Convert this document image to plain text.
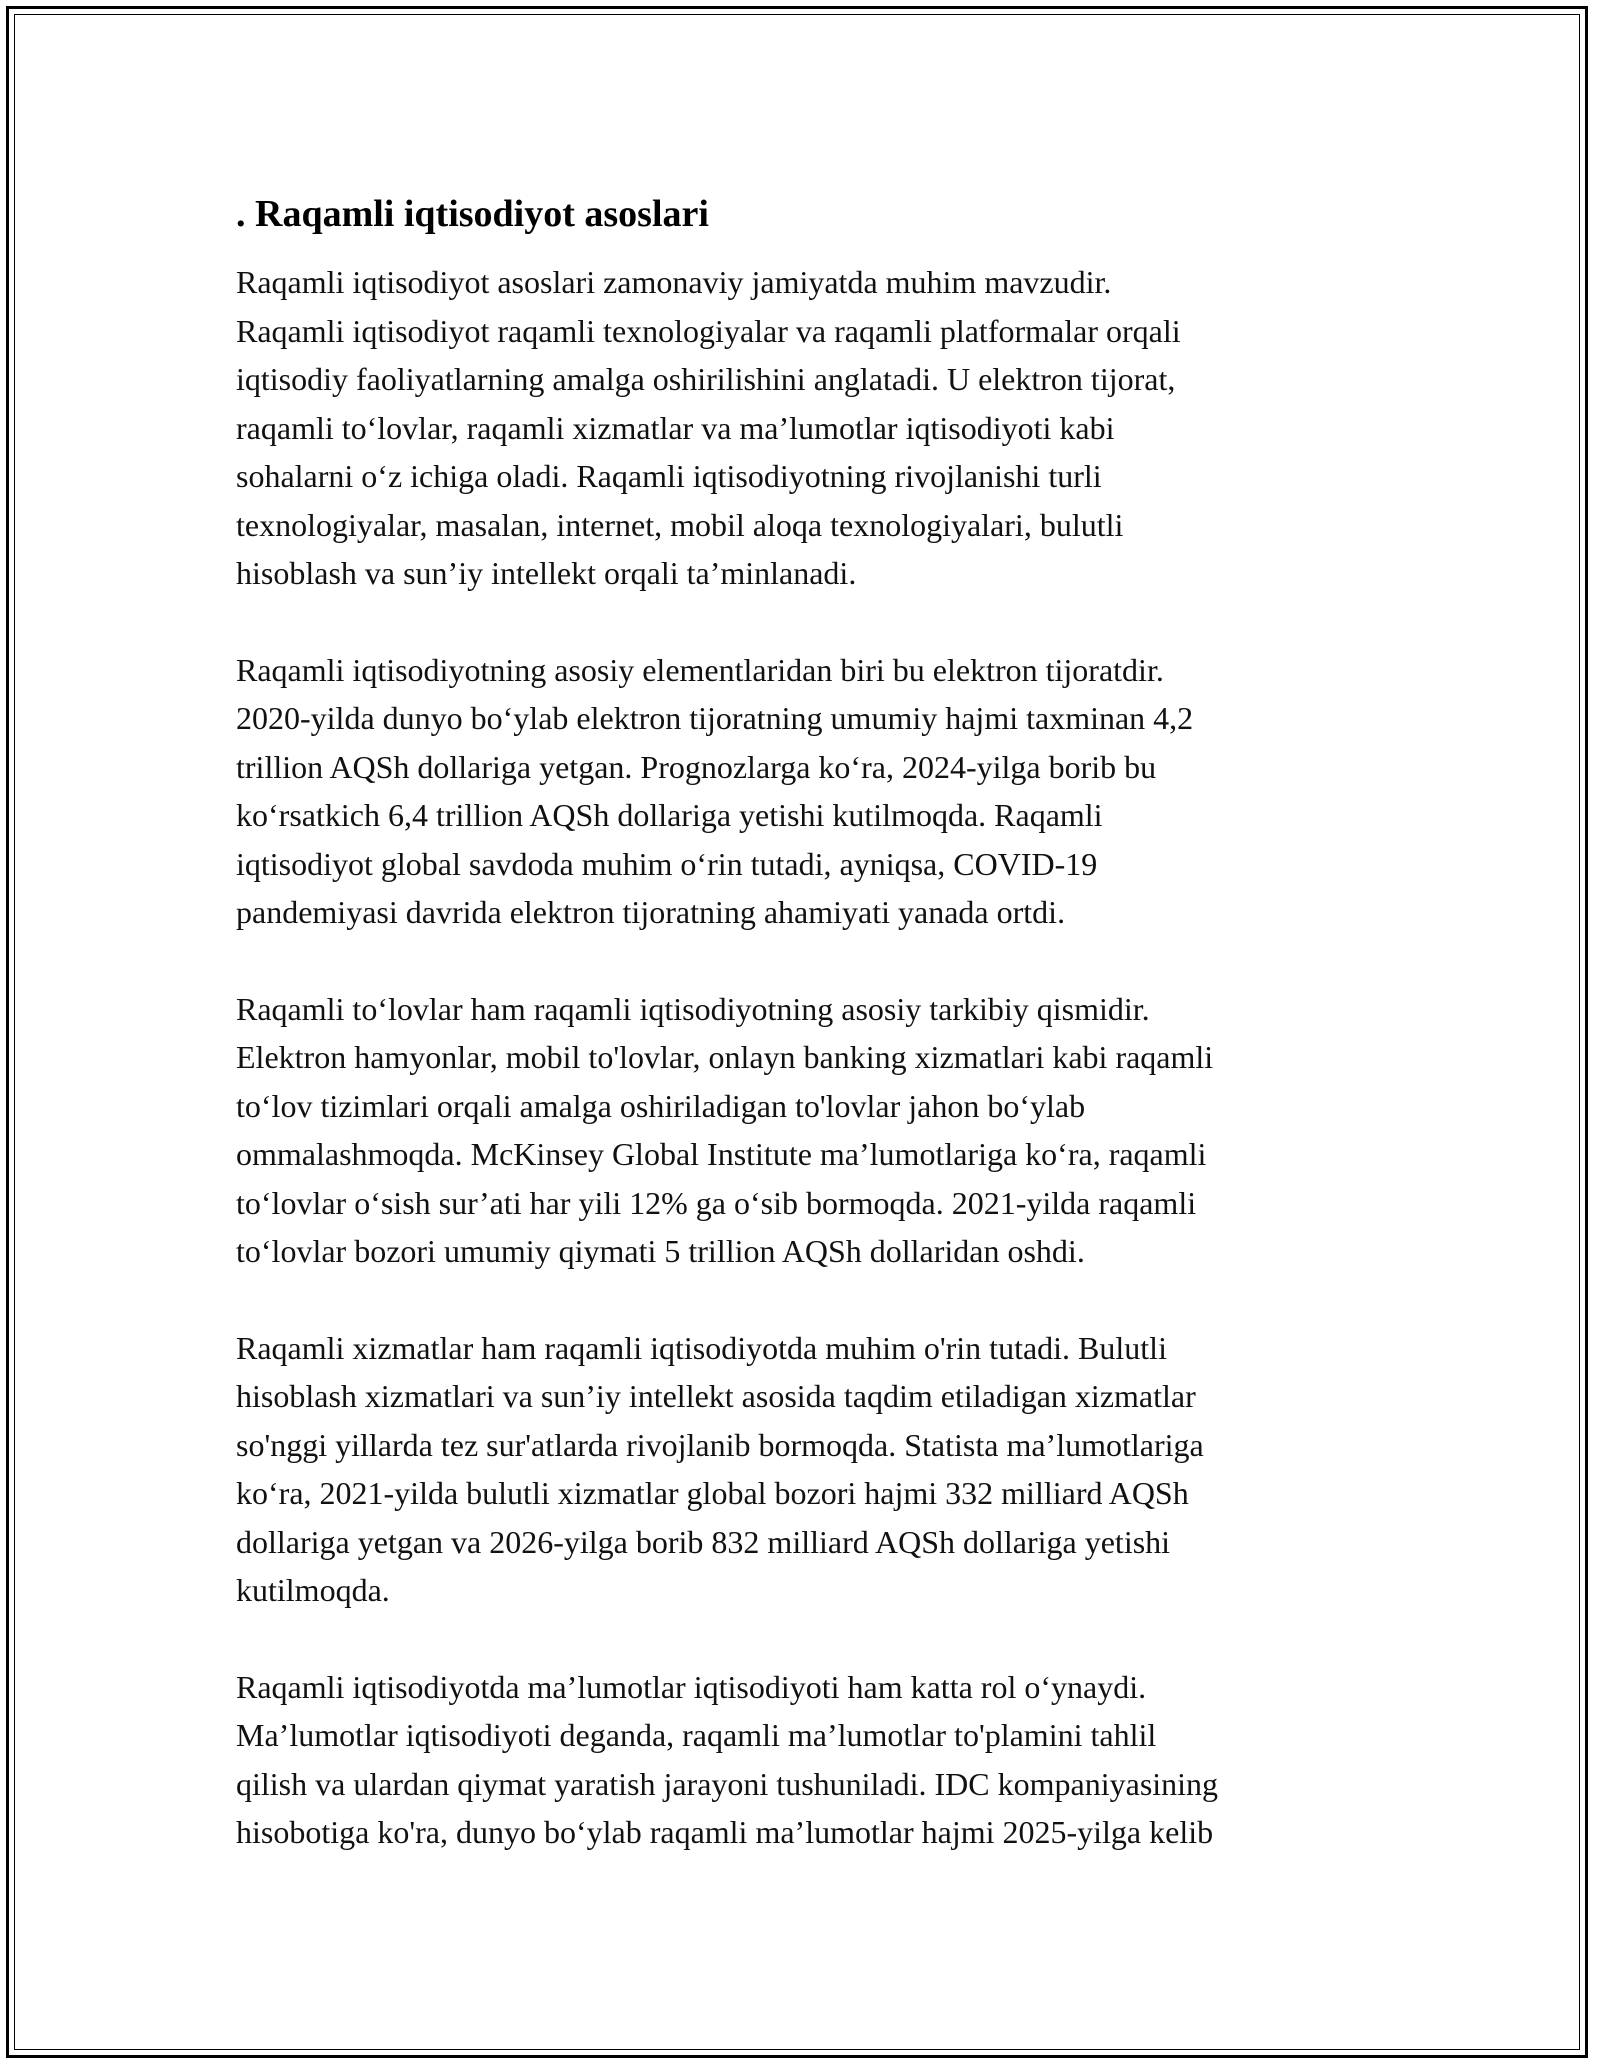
. Raqamli iqtisodiyot asoslari
Raqamli iqtisodiyot asoslari zamonaviy jamiyatda muhim mavzudir.
Raqamli iqtisodiyot raqamli texnologiyalar va raqamli platformalar orqali
iqtisodiy faoliyatlarning amalga oshirilishini anglatadi. U elektron tijorat,
raqamli to‘lovlar, raqamli xizmatlar va ma’lumotlar iqtisodiyoti kabi
sohalarni o‘z ichiga oladi. Raqamli iqtisodiyotning rivojlanishi turli
texnologiyalar, masalan, internet, mobil aloqa texnologiyalari, bulutli
hisoblash va sun’iy intellekt orqali ta’minlanadi.
Raqamli iqtisodiyotning asosiy elementlaridan biri bu elektron tijoratdir.
2020-yilda dunyo bo‘ylab elektron tijoratning umumiy hajmi taxminan 4,2
trillion AQSh dollariga yetgan. Prognozlarga ko‘ra, 2024-yilga borib bu
ko‘rsatkich 6,4 trillion AQSh dollariga yetishi kutilmoqda. Raqamli
iqtisodiyot global savdoda muhim o‘rin tutadi, ayniqsa, COVID-19
pandemiyasi davrida elektron tijoratning ahamiyati yanada ortdi.
Raqamli to‘lovlar ham raqamli iqtisodiyotning asosiy tarkibiy qismidir.
Elektron hamyonlar, mobil to'lovlar, onlayn banking xizmatlari kabi raqamli
to‘lov tizimlari orqali amalga oshiriladigan to'lovlar jahon bo‘ylab
ommalashmoqda. McKinsey Global Institute ma’lumotlariga ko‘ra, raqamli
to‘lovlar o‘sish sur’ati har yili 12% ga o‘sib bormoqda. 2021-yilda raqamli
to‘lovlar bozori umumiy qiymati 5 trillion AQSh dollaridan oshdi.
Raqamli xizmatlar ham raqamli iqtisodiyotda muhim o'rin tutadi. Bulutli
hisoblash xizmatlari va sun’iy intellekt asosida taqdim etiladigan xizmatlar
so'nggi yillarda tez sur'atlarda rivojlanib bormoqda. Statista ma’lumotlariga
ko‘ra, 2021-yilda bulutli xizmatlar global bozori hajmi 332 milliard AQSh
dollariga yetgan va 2026-yilga borib 832 milliard AQSh dollariga yetishi
kutilmoqda.
Raqamli iqtisodiyotda ma’lumotlar iqtisodiyoti ham katta rol o‘ynaydi.
Ma’lumotlar iqtisodiyoti deganda, raqamli ma’lumotlar to'plamini tahlil
qilish va ulardan qiymat yaratish jarayoni tushuniladi. IDC kompaniyasining
hisobotiga ko'ra, dunyo bo‘ylab raqamli ma’lumotlar hajmi 2025-yilga kelib
